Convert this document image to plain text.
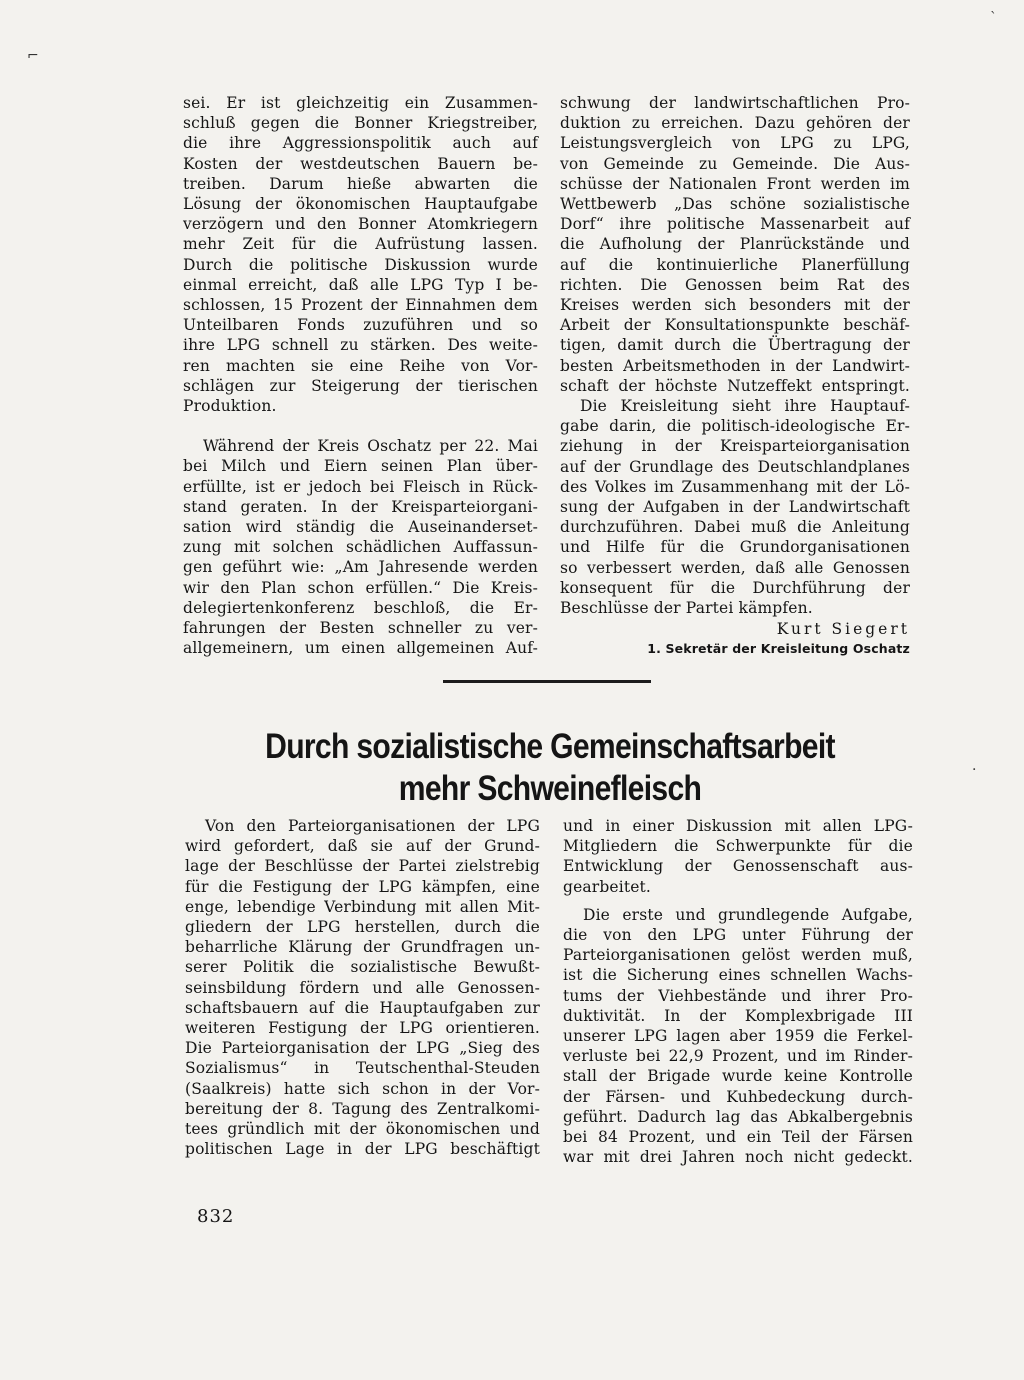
`
⌐
·

sei. Er ist gleichzeitig ein Zusammen-

schluß gegen die Bonner Kriegstreiber,

die ihre Aggressionspolitik auch auf

Kosten der westdeutschen Bauern be-

treiben. Darum hieße abwarten die

Lösung der ökonomischen Hauptaufgabe

verzögern und den Bonner Atomkriegern

mehr Zeit für die Aufrüstung lassen.

Durch die politische Diskussion wurde

einmal erreicht, daß alle LPG Typ I be-

schlossen, 15 Prozent der Einnahmen dem

Unteilbaren Fonds zuzuführen und so

ihre LPG schnell zu stärken. Des weite-

ren machten sie eine Reihe von Vor-

schlägen zur Steigerung der tierischen

Produktion.

Während der Kreis Oschatz per 22. Mai

bei Milch und Eiern seinen Plan über-

erfüllte, ist er jedoch bei Fleisch in Rück-

stand geraten. In der Kreisparteiorgani-

sation wird ständig die Auseinanderset-

zung mit solchen schädlichen Auffassun-

gen geführt wie: „Am Jahresende werden

wir den Plan schon erfüllen.“ Die Kreis-

delegiertenkonferenz beschloß, die Er-

fahrungen der Besten schneller zu ver-

allgemeinern, um einen allgemeinen Auf-

schwung der landwirtschaftlichen Pro-

duktion zu erreichen. Dazu gehören der

Leistungsvergleich von LPG zu LPG,

von Gemeinde zu Gemeinde. Die Aus-

schüsse der Nationalen Front werden im

Wettbewerb „Das schöne sozialistische

Dorf“ ihre politische Massenarbeit auf

die Aufholung der Planrückstände und

auf die kontinuierliche Planerfüllung

richten. Die Genossen beim Rat des

Kreises werden sich besonders mit der

Arbeit der Konsultationspunkte beschäf-

tigen, damit durch die Übertragung der

besten Arbeitsmethoden in der Landwirt-

schaft der höchste Nutzeffekt entspringt.

Die Kreisleitung sieht ihre Hauptauf-

gabe darin, die politisch-ideologische Er-

ziehung in der Kreisparteiorganisation

auf der Grundlage des Deutschlandplanes

des Volkes im Zusammenhang mit der Lö-

sung der Aufgaben in der Landwirtschaft

durchzuführen. Dabei muß die Anleitung

und Hilfe für die Grundorganisationen

so verbessert werden, daß alle Genossen

konsequent für die Durchführung der

Beschlüsse der Partei kämpfen.

Kurt Siegert

1. Sekretär der Kreisleitung Oschatz

Durch sozialistische Gemeinschaftsarbeit
mehr Schweinefleisch

Von den Parteiorganisationen der LPG

wird gefordert, daß sie auf der Grund-

lage der Beschlüsse der Partei zielstrebig

für die Festigung der LPG kämpfen, eine

enge, lebendige Verbindung mit allen Mit-

gliedern der LPG herstellen, durch die

beharrliche Klärung der Grundfragen un-

serer Politik die sozialistische Bewußt-

seinsbildung fördern und alle Genossen-

schaftsbauern auf die Hauptaufgaben zur

weiteren Festigung der LPG orientieren.

Die Parteiorganisation der LPG „Sieg des

Sozialismus“ in Teutschenthal-Steuden

(Saalkreis) hatte sich schon in der Vor-

bereitung der 8. Tagung des Zentralkomi-

tees gründlich mit der ökonomischen und

politischen Lage in der LPG beschäftigt

und in einer Diskussion mit allen LPG-

Mitgliedern die Schwerpunkte für die

Entwicklung der Genossenschaft aus-

gearbeitet.

Die erste und grundlegende Aufgabe,

die von den LPG unter Führung der

Parteiorganisationen gelöst werden muß,

ist die Sicherung eines schnellen Wachs-

tums der Viehbestände und ihrer Pro-

duktivität. In der Komplexbrigade III

unserer LPG lagen aber 1959 die Ferkel-

verluste bei 22,9 Prozent, und im Rinder-

stall der Brigade wurde keine Kontrolle

der Färsen- und Kuhbedeckung durch-

geführt. Dadurch lag das Abkalbergebnis

bei 84 Prozent, und ein Teil der Färsen

war mit drei Jahren noch nicht gedeckt.

832
